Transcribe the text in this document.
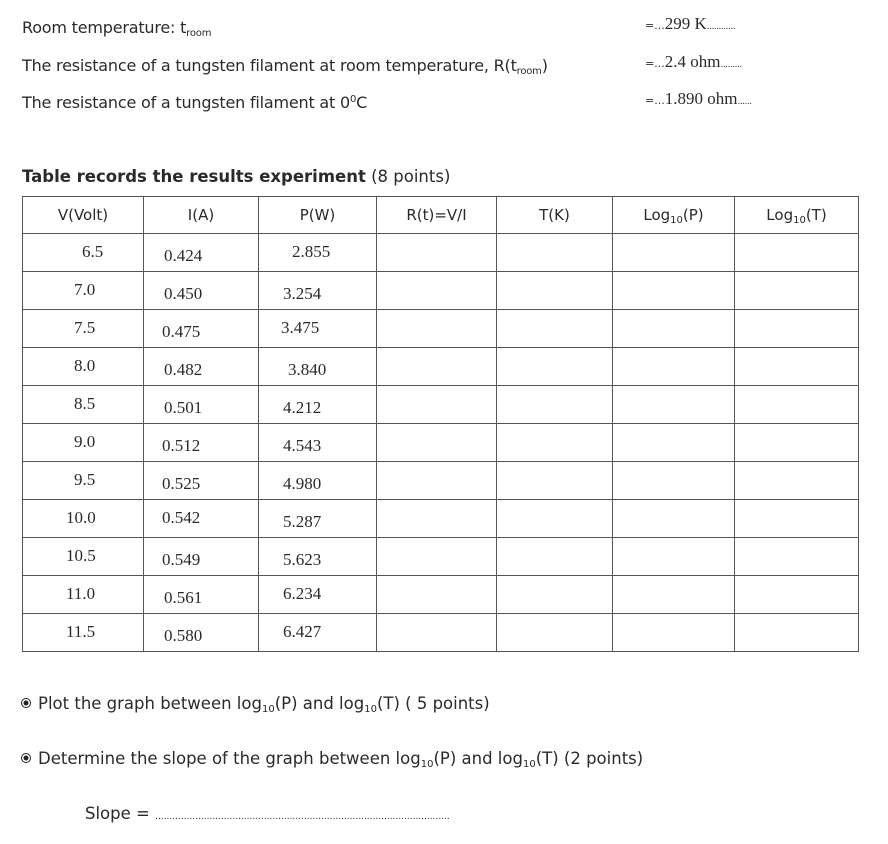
Room temperature: $t_{room}$
=...299 K............
The resistance of a tungsten filament at room temperature, $R(t_{room})$	=...2.4 ohm.........
The resistance of a tungsten filament at $0^0C$	=...1.890 ohm......
Table records the results experiment (8 points)
V(Volt)	I(A)	P(W)	R(t)=V/I	T(K)	Log$_{10}$(P)	Log$_{10}$(T)

6.5	0.424	2.855				

7.0	0.450	3.254				

7.5	0.475	3.475				

8.0	0.482	3.840				

8.5	0.501	4.212				

9.0	0.512	4.543				

9.5	0.525	4.980				

10.0	0.542	5.287				

10.5	0.549	5.623				

11.0	0.561	6.234				

11.5	0.580	6.427				

Plot the graph between $\log_{10}(P)$ and $\log_{10}(T)$ ( 5 points)
Determine the slope of the graph between $\log_{10}(P)$ and $\log_{10}(T)$ (2 points)
Slope = .......................................................................................................
